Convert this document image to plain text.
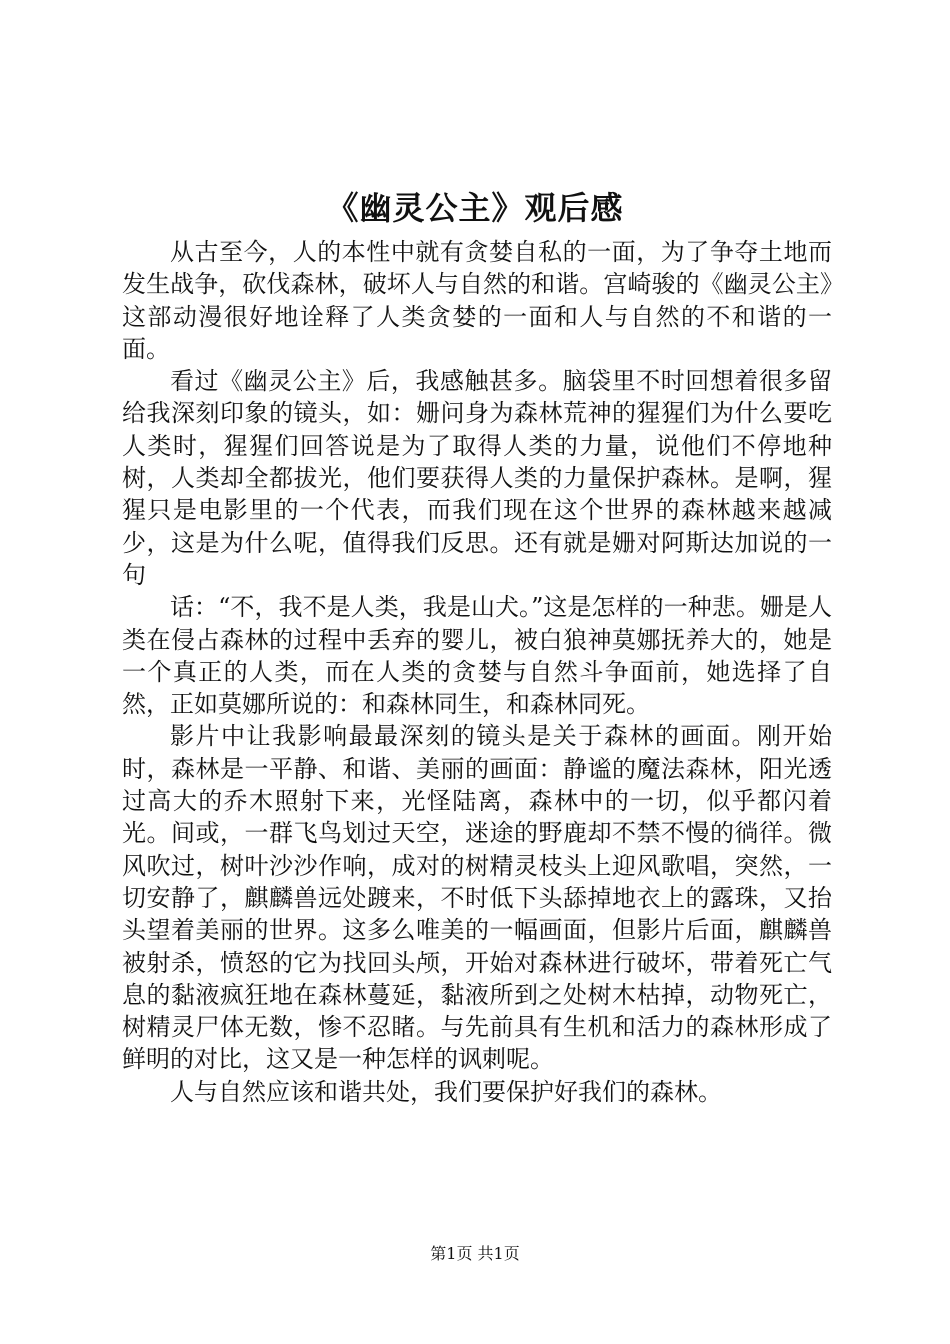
《幽灵公主》观后感

从古至今，人的本性中就有贪婪自私的一面，为了争夺土地而发生战争，砍伐森林，破坏人与自然的和谐。宫崎骏的《幽灵公主》这部动漫很好地诠释了人类贪婪的一面和人与自然的不和谐的一面。

看过《幽灵公主》后，我感触甚多。脑袋里不时回想着很多留给我深刻印象的镜头，如：姗问身为森林荒神的猩猩们为什么要吃人类时，猩猩们回答说是为了取得人类的力量，说他们不停地种树，人类却全都拔光，他们要获得人类的力量保护森林。是啊，猩猩只是电影里的一个代表，而我们现在这个世界的森林越来越减少，这是为什么呢，值得我们反思。还有就是姗对阿斯达加说的一句

话：“不，我不是人类，我是山犬。”这是怎样的一种悲。姗是人类在侵占森林的过程中丢弃的婴儿，被白狼神莫娜抚养大的，她是一个真正的人类，而在人类的贪婪与自然斗争面前，她选择了自然，正如莫娜所说的：和森林同生，和森林同死。

影片中让我影响最最深刻的镜头是关于森林的画面。刚开始时，森林是一平静、和谐、美丽的画面：静谧的魔法森林，阳光透过高大的乔木照射下来，光怪陆离，森林中的一切，似乎都闪着光。间或，一群飞鸟划过天空，迷途的野鹿却不禁不慢的徜徉。微风吹过，树叶沙沙作响，成对的树精灵枝头上迎风歌唱，突然，一切安静了，麒麟兽远处踱来，不时低下头舔掉地衣上的露珠，又抬头望着美丽的世界。这多么唯美的一幅画面，但影片后面，麒麟兽被射杀，愤怒的它为找回头颅，开始对森林进行破坏，带着死亡气息的黏液疯狂地在森林蔓延，黏液所到之处树木枯掉，动物死亡，树精灵尸体无数，惨不忍睹。与先前具有生机和活力的森林形成了鲜明的对比，这又是一种怎样的讽刺呢。

人与自然应该和谐共处，我们要保护好我们的森林。

第1页 共1页
